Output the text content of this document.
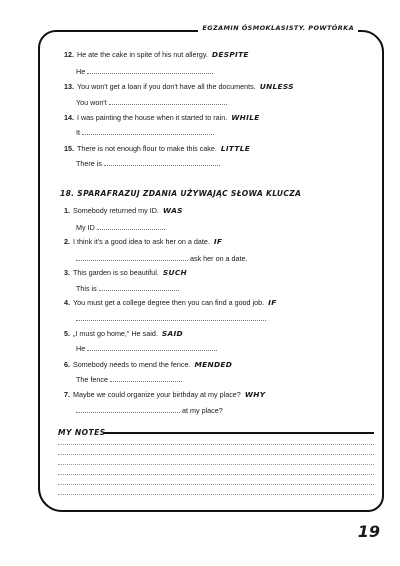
EGZAMIN ÓSMOKLASISTY. POWTÓRKA
12. He ate the cake in spite of his nut allergy. DESPITE
He
13. You won't get a loan if you don't have all the documents. UNLESS
You won't
14. I was painting the house when it started to rain. WHILE
It
15. There is not enough flour to make this cake. LITTLE
There is
18. SPARAFRAZUJ ZDANIA UŻYWAJĄC SŁOWA KLUCZA
1. Somebody returned my ID. WAS
My ID
2. I think it's a good idea to ask her on a date. IF
ask her on a date.
3. This garden is so beautiful. SUCH
This is
4. You must get a college degree then you can find a good job. IF
5. „I must go home," He said. SAID
He
6. Somebody needs to mend the fence. MENDED
The fence
7. Maybe we could organize your birthday at my place? WHY
at my place?
MY NOTES
19
